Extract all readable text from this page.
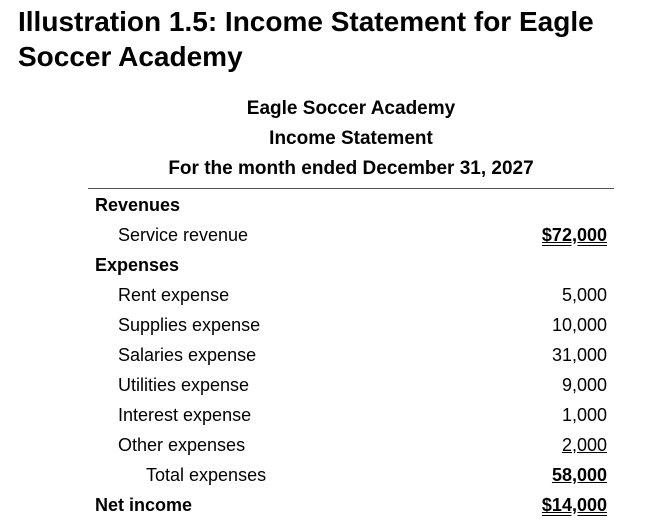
Illustration 1.5: Income Statement for Eagle Soccer Academy
Eagle Soccer Academy
Income Statement
For the month ended December 31, 2027
Revenues
Service revenue	$72,000
Expenses
Rent expense	5,000
Supplies expense	10,000
Salaries expense	31,000
Utilities expense	9,000
Interest expense	1,000
Other expenses	2,000
Total expenses	58,000
Net income	$14,000
